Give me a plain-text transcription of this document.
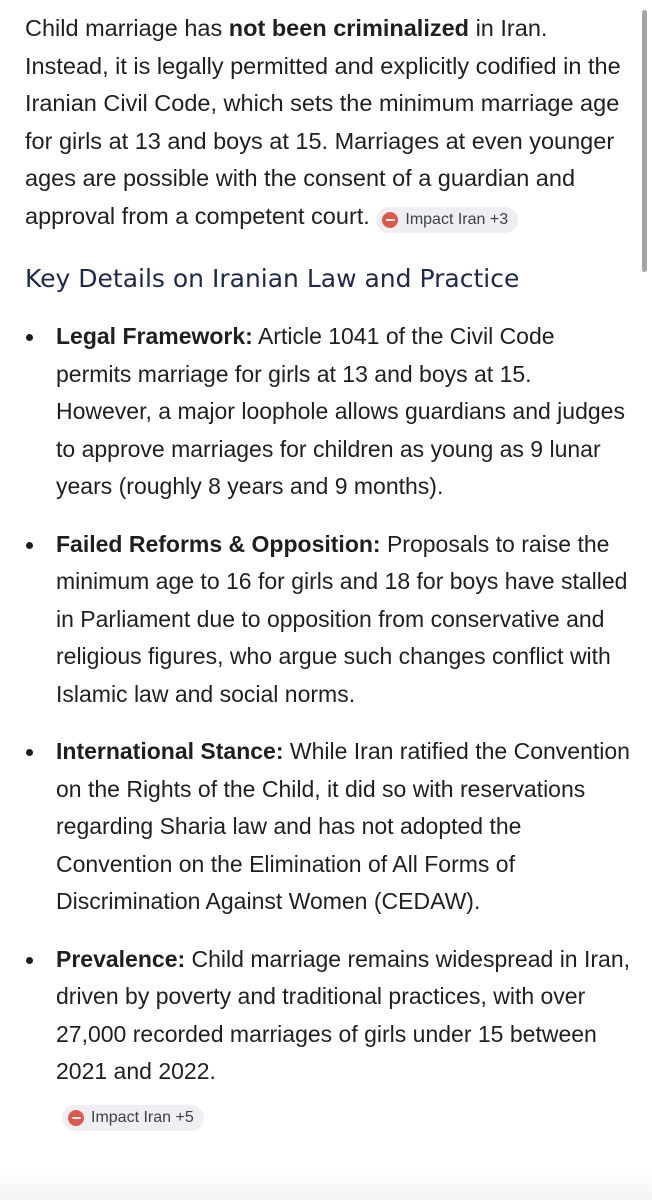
Child marriage has not been criminalized in Iran. Instead, it is legally permitted and explicitly codified in the Iranian Civil Code, which sets the minimum marriage age for girls at 13 and boys at 15. Marriages at even younger ages are possible with the consent of a guardian and approval from a competent court. Impact Iran +3

Key Details on Iranian Law and Practice
Legal Framework: Article 1041 of the Civil Code permits marriage for girls at 13 and boys at 15. However, a major loophole allows guardians and judges to approve marriages for children as young as 9 lunar years (roughly 8 years and 9 months).
Failed Reforms & Opposition: Proposals to raise the minimum age to 16 for girls and 18 for boys have stalled in Parliament due to opposition from conservative and religious figures, who argue such changes conflict with Islamic law and social norms.
International Stance: While Iran ratified the Convention on the Rights of the Child, it did so with reservations regarding Sharia law and has not adopted the Convention on the Elimination of All Forms of Discrimination Against Women (CEDAW).
Prevalence: Child marriage remains widespread in Iran, driven by poverty and traditional practices, with over 27,000 recorded marriages of girls under 15 between 2021 and 2022.
Impact Iran +5
